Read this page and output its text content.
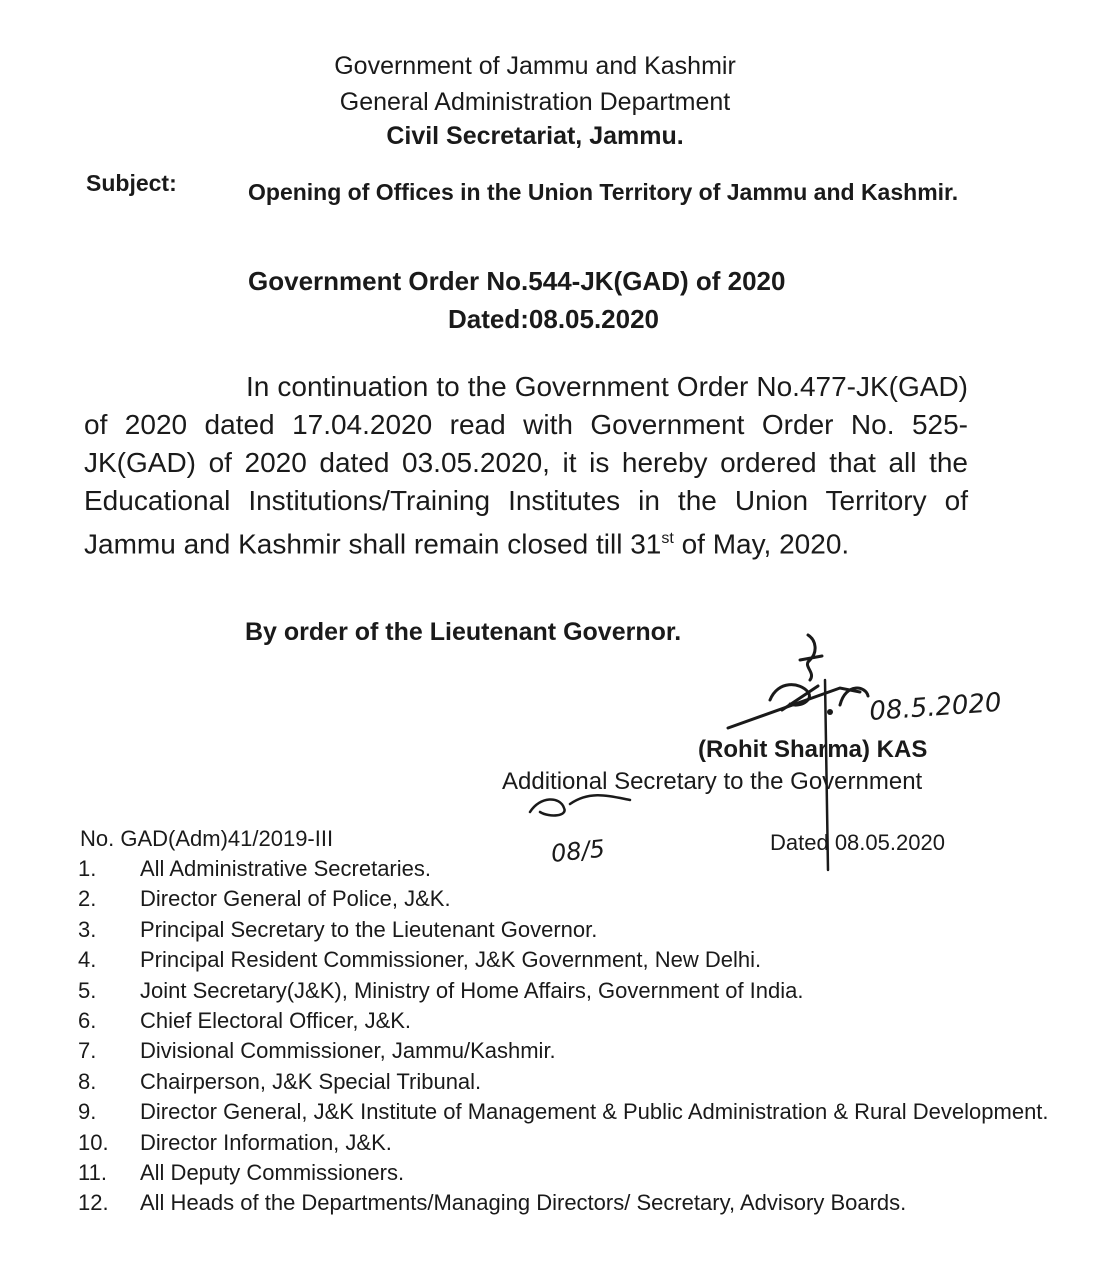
Government of Jammu and Kashmir
General Administration Department
Civil Secretariat, Jammu.
Subject:	Opening of Offices in the Union Territory of Jammu and Kashmir.
Government Order No.544-JK(GAD) of 2020
Dated:08.05.2020
In continuation to the Government Order No.477-JK(GAD) of 2020 dated 17.04.2020 read with Government Order No. 525-JK(GAD) of 2020 dated 03.05.2020, it is hereby ordered that all the Educational Institutions/Training Institutes in the Union Territory of Jammu and Kashmir shall remain closed till 31st of May, 2020.
By order of the Lieutenant Governor.
08.5.2020
08/5
(Rohit Sharma) KAS
Additional Secretary to the Government
No. GAD(Adm)41/2019-III	Dated 08.05.2020
1.	All Administrative Secretaries.
2.	Director General of Police, J&K.
3.	Principal Secretary to the Lieutenant Governor.
4.	Principal Resident Commissioner, J&K Government, New Delhi.
5.	Joint Secretary(J&K), Ministry of Home Affairs, Government of India.
6.	Chief Electoral Officer, J&K.
7.	Divisional Commissioner, Jammu/Kashmir.
8.	Chairperson, J&K Special Tribunal.
9.	Director General, J&K Institute of Management & Public Administration & Rural Development.
10.	Director Information, J&K.
11.	All Deputy Commissioners.
12.	All Heads of the Departments/Managing Directors/ Secretary, Advisory Boards.
